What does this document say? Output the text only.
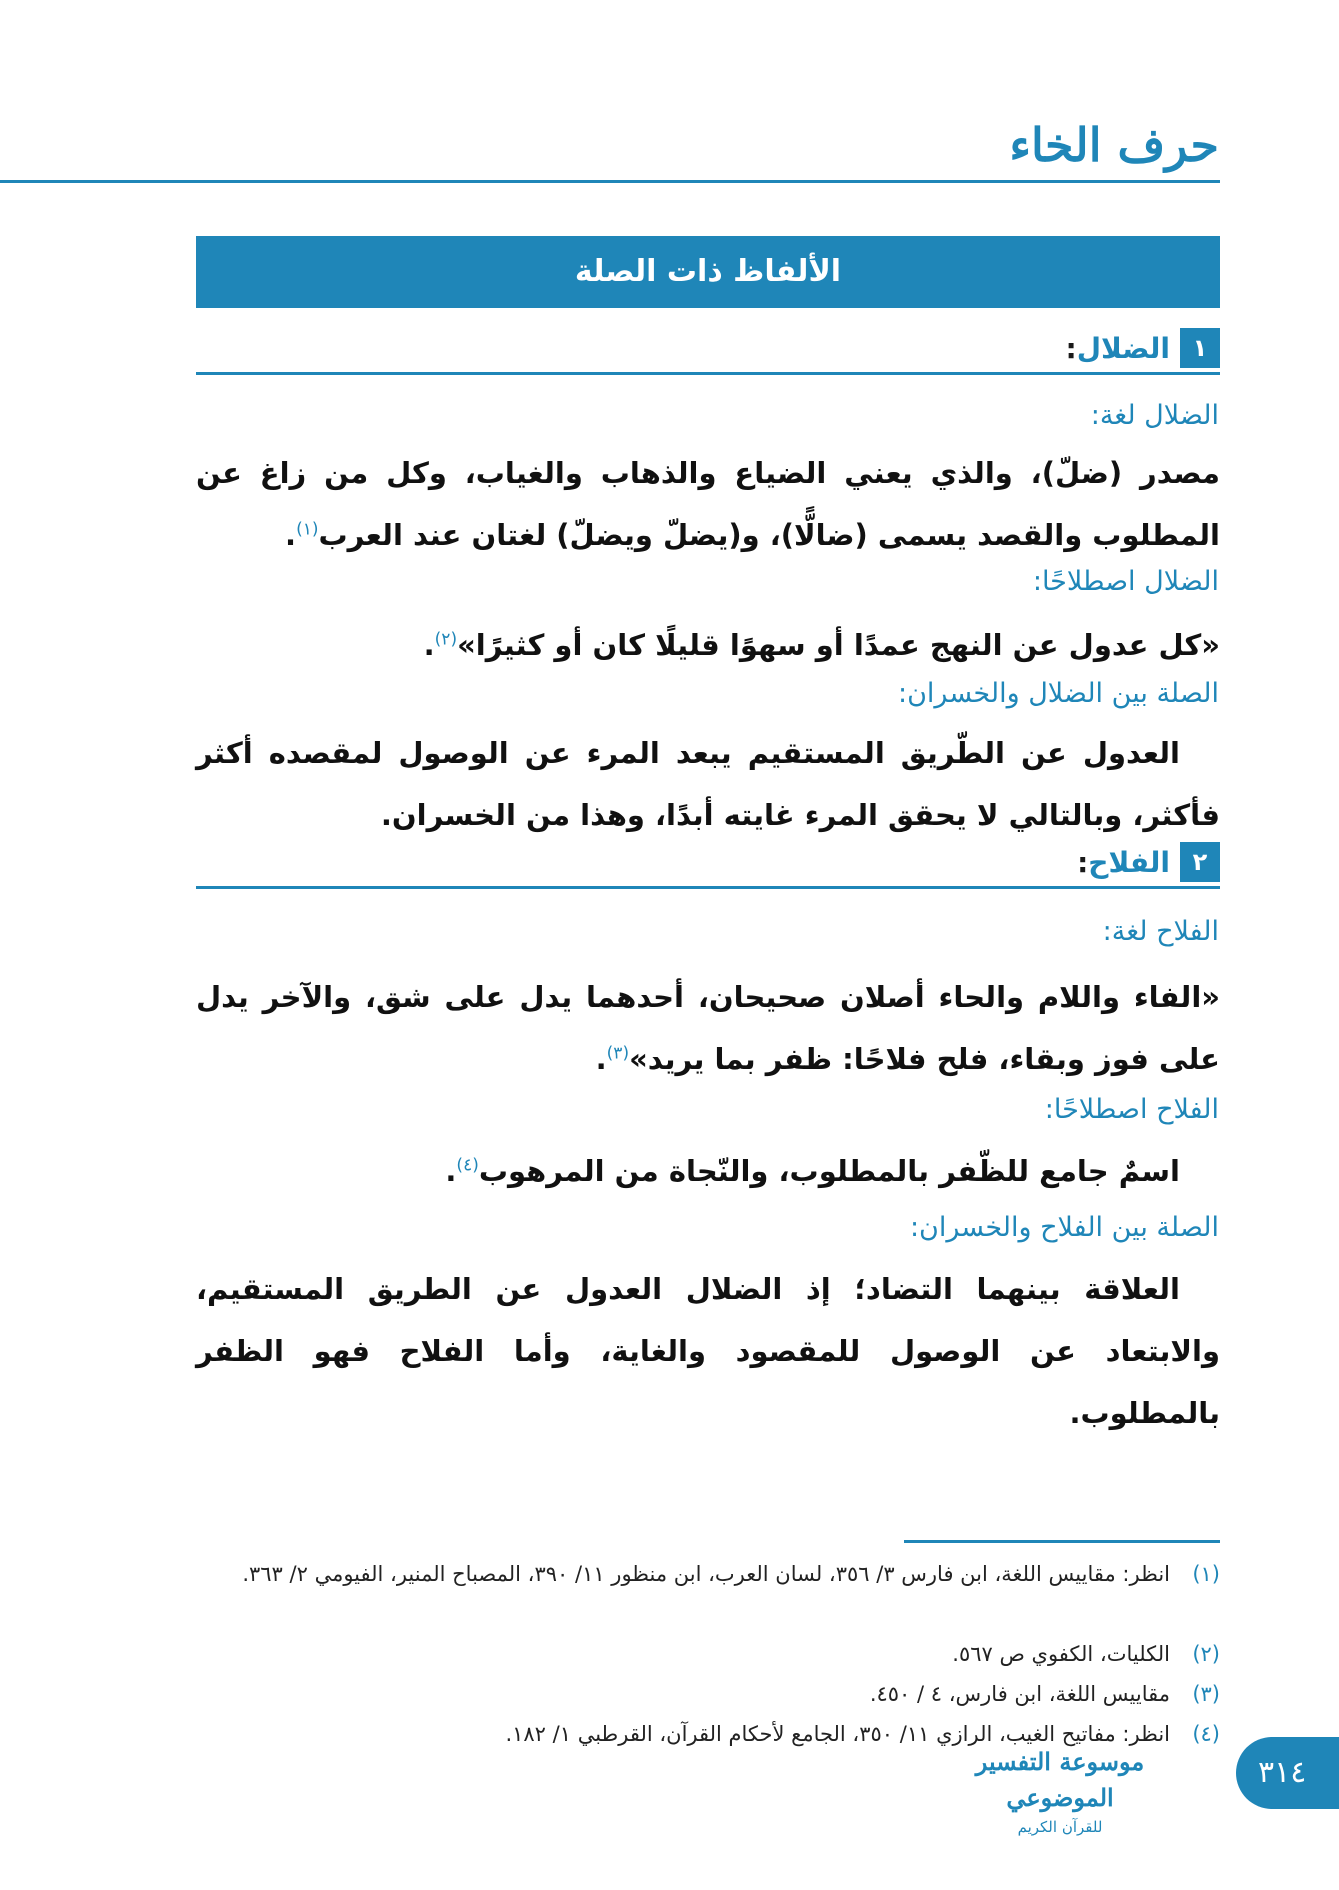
حرف الخاء
الألفاظ ذات الصلة
١
الضلال
:
الضلال لغة:
مصدر (ضلّ)، والذي يعني الضياع والذهاب والغياب، وكل من زاغ عن المطلوب والقصد يسمى (ضالًّا)، و(يضلّ ويضلّ) لغتان عند العرب$^{(١)}$.
الضلال اصطلاحًا:
«كل عدول عن النهج عمدًا أو سهوًا قليلًا كان أو كثيرًا»$^{(٢)}$.
الصلة بين الضلال والخسران:
العدول عن الطّريق المستقيم يبعد المرء عن الوصول لمقصده أكثر فأكثر، وبالتالي لا يحقق المرء غايته أبدًا، وهذا من الخسران.
٢
الفلاح
:
الفلاح لغة:
«الفاء واللام والحاء أصلان صحيحان، أحدهما يدل على شق، والآخر يدل على فوز وبقاء، فلح فلاحًا: ظفر بما يريد»$^{(٣)}$.
الفلاح اصطلاحًا:
اسمٌ جامع للظّفر بالمطلوب، والنّجاة من المرهوب$^{(٤)}$.
الصلة بين الفلاح والخسران:
العلاقة بينهما التضاد؛ إذ الضلال العدول عن الطريق المستقيم، والابتعاد عن الوصول للمقصود والغاية، وأما الفلاح فهو الظفر بالمطلوب.
(١)
انظر: مقاييس اللغة، ابن فارس ٣/ ٣٥٦، لسان العرب، ابن منظور ١١/ ٣٩٠، المصباح المنير، الفيومي ٢/ ٣٦٣.
(٢)
الكليات، الكفوي ص ٥٦٧.
(٣)
مقاييس اللغة، ابن فارس، ٤ / ٤٥٠.
(٤)
انظر: مفاتيح الغيب، الرازي ١١/ ٣٥٠، الجامع لأحكام القرآن، القرطبي ١/ ١٨٢.
موسوعة التفسير الموضوعي
للقرآن الكريم
٣١٤
